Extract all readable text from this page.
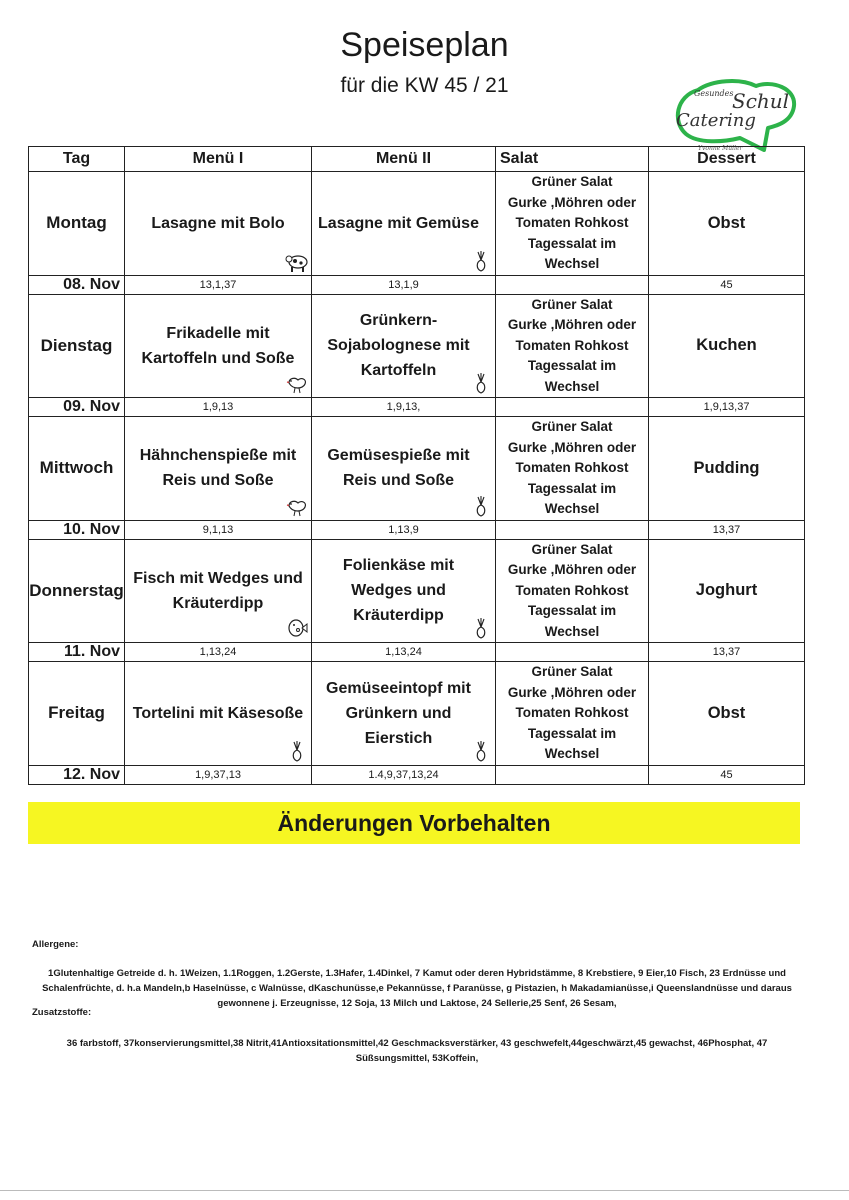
Speiseplan
für die KW 45 / 21	Gesundes
Schul
Catering
Yvonne Müller
Tag	Menü I	Menü II	Salat	Dessert
Montag	Lasagne mit Bolo	Lasagne mit Gemüse	Grüner Salat
Gurke ,Möhren oder
Tomaten Rohkost
Tagessalat im
Wechsel	Obst
08. Nov	13,1,37	13,1,9		45
Dienstag	Frikadelle mit Kartoffeln und Soße	Grünkern- Sojabolognese mit Kartoffeln	Grüner Salat
Gurke ,Möhren oder
Tomaten Rohkost
Tagessalat im
Wechsel	Kuchen
09. Nov	1,9,13	1,9,13,		1,9,13,37
Mittwoch	Hähnchenspieße mit Reis und Soße	Gemüsespieße mit Reis und Soße	Grüner Salat
Gurke ,Möhren oder
Tomaten Rohkost
Tagessalat im
Wechsel	Pudding
10. Nov	9,1,13	1,13,9		13,37
Donnerstag	Fisch mit Wedges und Kräuterdipp	Folienkäse mit Wedges und Kräuterdipp	Grüner Salat
Gurke ,Möhren oder
Tomaten Rohkost
Tagessalat im
Wechsel	Joghurt
11. Nov	1,13,24	1,13,24		13,37
Freitag	Tortelini mit Käsesoße	Gemüseeintopf mit Grünkern und Eierstich	Grüner Salat
Gurke ,Möhren oder
Tomaten Rohkost
Tagessalat im
Wechsel	Obst
12. Nov	1,9,37,13	1.4,9,37,13,24		45
Änderungen Vorbehalten
Allergene:
1Glutenhaltige Getreide d. h. 1Weizen, 1.1Roggen, 1.2Gerste, 1.3Hafer, 1.4Dinkel, 7 Kamut oder deren Hybridstämme, 8 Krebstiere, 9 Eier,10 Fisch, 23 Erdnüsse und Schalenfrüchte, d. h.a Mandeln,b Haselnüsse, c Walnüsse, dKaschunüsse,e Pekannüsse, f Paranüsse, g Pistazien, h Makadamianüsse,i Queenslandnüsse und daraus gewonnene j. Erzeugnisse, 12 Soja, 13 Milch und Laktose, 24 Sellerie,25 Senf, 26 Sesam,
Zusatzstoffe:
36 farbstoff, 37konservierungsmittel,38 Nitrit,41Antioxsitationsmittel,42 Geschmacksverstärker, 43 geschwefelt,44geschwärzt,45 gewachst, 46Phosphat, 47 Süßsungsmittel, 53Koffein,
